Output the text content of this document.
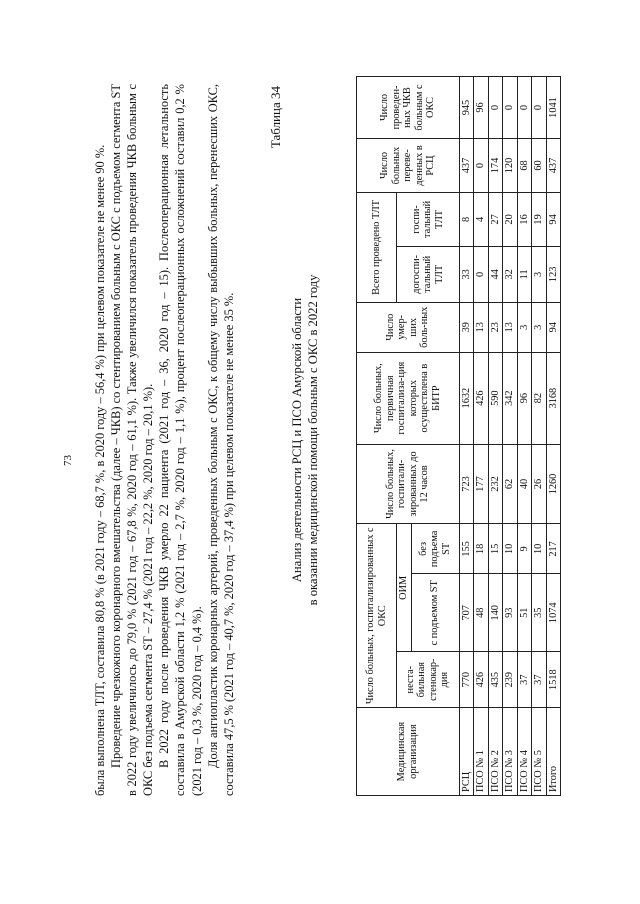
73 была выполнена ТЛТ, составила 80,8 % (в 2021 году – 68,7 %, в 2020 году – 56,4 %) при целевом показателе не менее 90 %. Проведение чрезкожного коронарного вмешательства (далее – ЧКВ) со стентированием больным с ОКС с подъемом сегмента ST в 2022 году увеличилось до 79,0 % (2021 год – 67,8 %, 2020 год – 61,1 %). Также увеличился показатель проведения ЧКВ больным с ОКС без подъема сегмента ST – 27,4 % (2021 год – 22,2 %, 2020 год – 20,1 %). В 2022 году после проведения ЧКВ умерло 22 пациента (2021 год – 36, 2020 год – 15). Послеоперационная летальность составила в Амурской области 1,2 % (2021 год – 2,7 %, 2020 год – 1,1 %), процент послеоперационных осложнений составил 0,2 % (2021 год – 0,3 %, 2020 год – 0,4 %). Доля ангиопластик коронарных артерий, проведенных больным с ОКС, к общему числу выбывших больных, перенесших ОКС, составила 47,5 % (2021 год – 40,7 %, 2020 год – 37,4 %) при целевом показателе не менее 35 %.

Таблица 34
Анализ деятельности РСЦ и ПСО Амурской области в оказании медицинской помощи больным с ОКС в 2022 году
Медицинская организация	Число больных, госпитализированных с ОКС			Число больных, госпитали-зированных до 12 часов	Число больных, первичная госпитализа-ция которых осуществлена в БИТР	Число умер-ших боль-ных	Всего проведено ТЛТ		Число больных переве-денных в РСЦ	Число проведен-ных ЧКВ больным с ОКС
	неста-бильная стенокар-дия	ОИМ					догоспи-тальный ТЛТ	госпи-тальный ТЛТ		
		с подъемом ST	без подъема ST							
РСЦ	770	707	155	723	1632	39	33	8	437	945
ПСО № 1	426	48	18	177	426	13	0	4	0	96
ПСО № 2	435	140	15	232	590	23	44	27	174	0
ПСО № 3	239	93	10	62	342	13	32	20	120	0
ПСО № 4	37	51	9	40	96	3	11	16	68	0
ПСО № 5	37	35	10	26	82	3	3	19	60	0
Итого	1518	1074	217	1260	3168	94	123	94	437	1041
